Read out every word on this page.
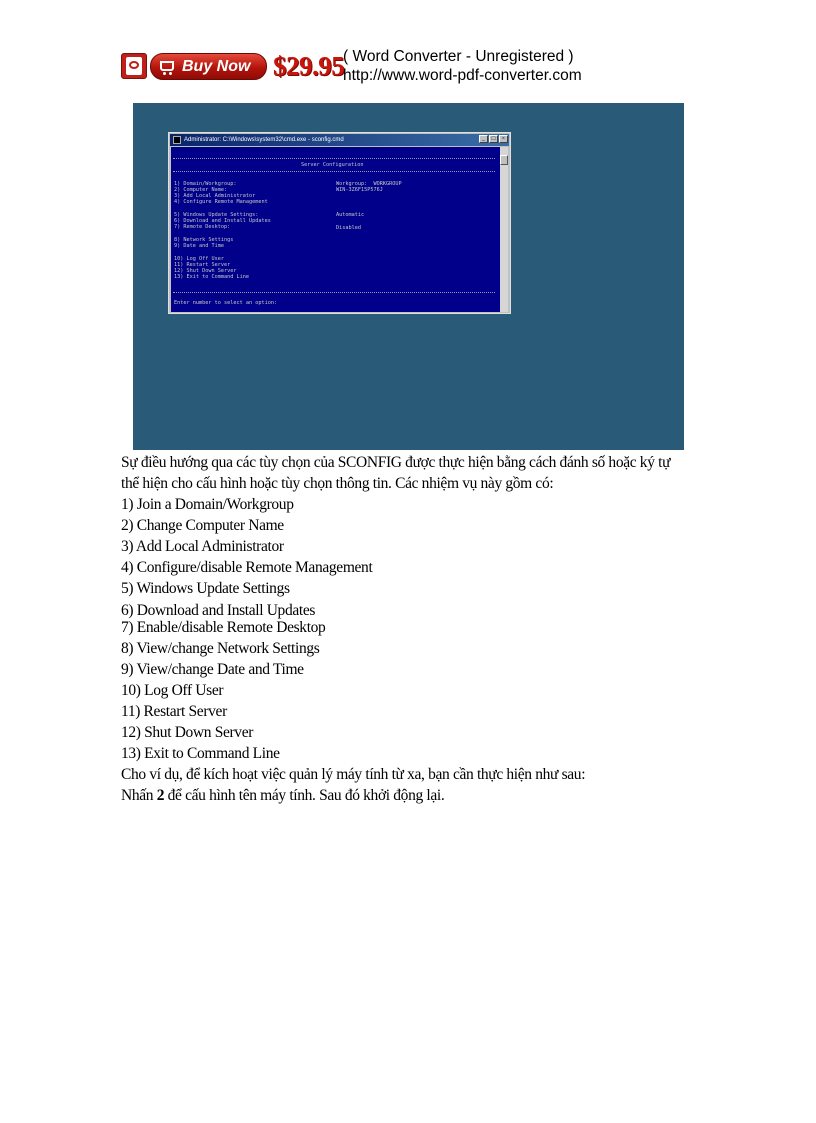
Buy Now $29.95
( Word Converter - Unregistered )
http://www.word-pdf-converter.com
Administrator: C:\Windows\system32\cmd.exe - sconfig.cmd	_	□	×
Server Configuration
1) Domain/Workgroup:
2) Computer Name:
3) Add Local Administrator
4) Configure Remote Management
Workgroup:  WORKGROUP
WIN-3Z6F15P576J
5) Windows Update Settings:
6) Download and Install Updates
7) Remote Desktop:
Automatic
Disabled
8) Network Settings
9) Date and Time
10) Log Off User
11) Restart Server
12) Shut Down Server
13) Exit to Command Line
Enter number to select an option:
Sự điều hướng qua các tùy chọn của SCONFIG được thực hiện bằng cách đánh số hoặc ký tự
thể hiện cho cấu hình hoặc tùy chọn thông tin. Các nhiệm vụ này gồm có:
1) Join a Domain/Workgroup
2) Change Computer Name
3) Add Local Administrator
4) Configure/disable Remote Management
5) Windows Update Settings
6) Download and Install Updates
7) Enable/disable Remote Desktop
8) View/change Network Settings
9) View/change Date and Time
10) Log Off User
11) Restart Server
12) Shut Down Server
13) Exit to Command Line
Cho ví dụ, để kích hoạt việc quản lý máy tính từ xa, bạn cần thực hiện như sau:
Nhấn 2 để cấu hình tên máy tính. Sau đó khởi động lại.
